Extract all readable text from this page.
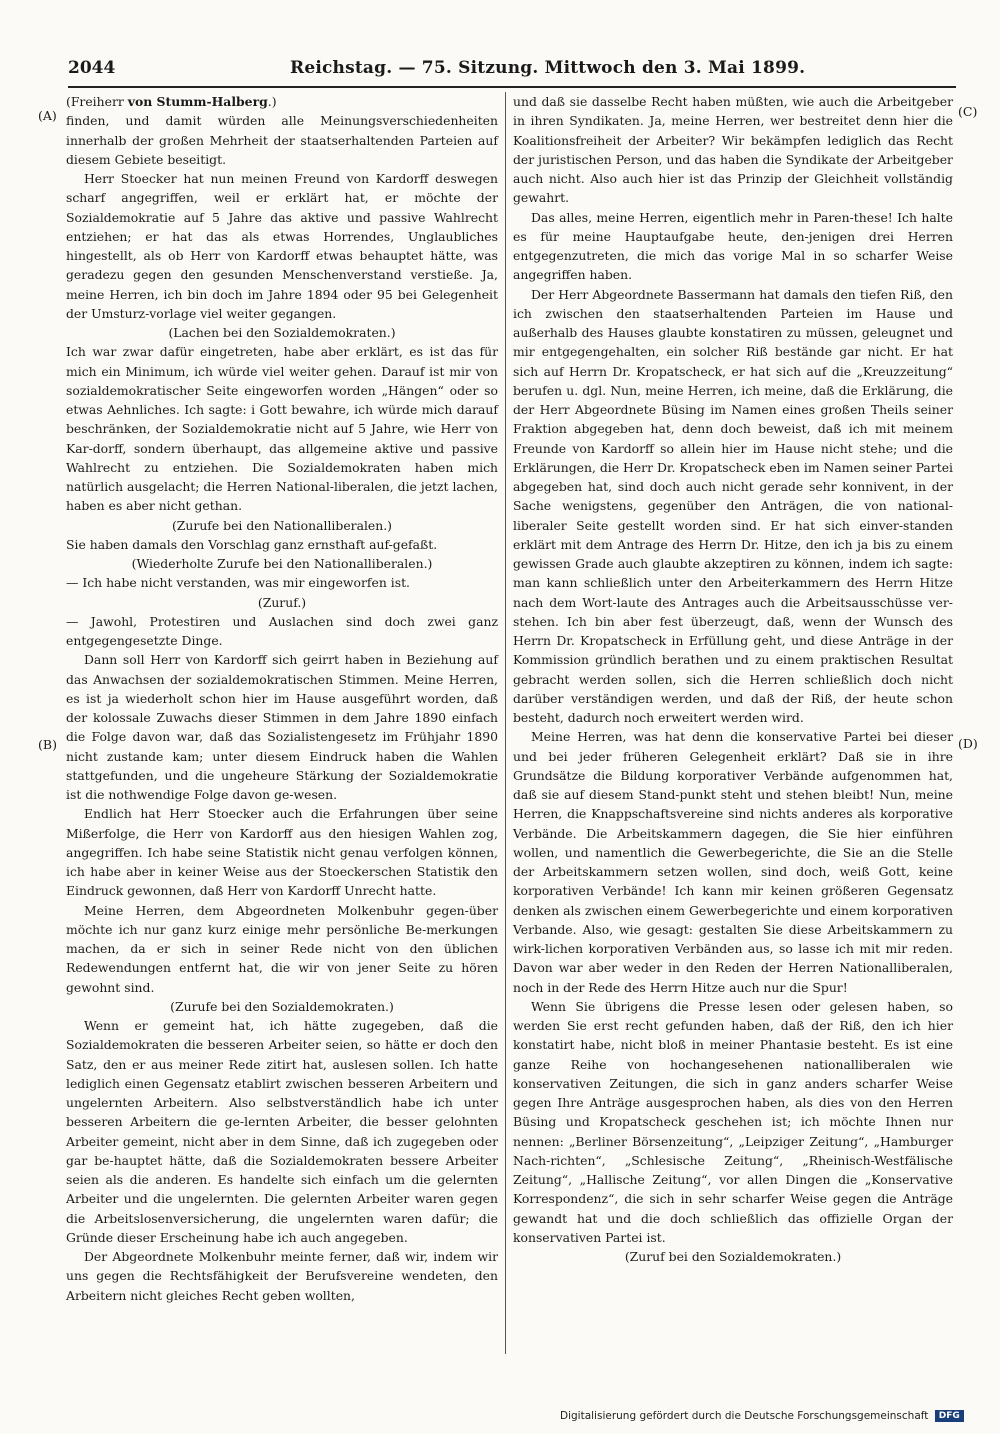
2044	Reichstag. — 75. Sitzung. Mittwoch den 3. Mai 1899.
(A)
(B)
(C)
(D)

(Freiherr von Stumm-Halberg.)

finden, und damit würden alle Meinungsverschiedenheiten innerhalb der großen Mehrheit der staatserhaltenden Parteien auf diesem Gebiete beseitigt.

Herr Stoecker hat nun meinen Freund von Kardorff deswegen scharf angegriffen, weil er erklärt hat, er möchte der Sozialdemokratie auf 5 Jahre das aktive und passive Wahlrecht entziehen; er hat das als etwas Horrendes, Unglaubliches hingestellt, als ob Herr von Kardorff etwas behauptet hätte, was geradezu gegen den gesunden Menschenverstand verstieße. Ja, meine Herren, ich bin doch im Jahre 1894 oder 95 bei Gelegenheit der Umsturz-vorlage viel weiter gegangen.

(Lachen bei den Sozialdemokraten.)

Ich war zwar dafür eingetreten, habe aber erklärt, es ist das für mich ein Minimum, ich würde viel weiter gehen. Darauf ist mir von sozialdemokratischer Seite eingeworfen worden „Hängen“ oder so etwas Aehnliches. Ich sagte: i Gott bewahre, ich würde mich darauf beschränken, der Sozialdemokratie nicht auf 5 Jahre, wie Herr von Kar-dorff, sondern überhaupt, das allgemeine aktive und passive Wahlrecht zu entziehen. Die Sozialdemokraten haben mich natürlich ausgelacht; die Herren National-liberalen, die jetzt lachen, haben es aber nicht gethan.

(Zurufe bei den Nationalliberalen.)

Sie haben damals den Vorschlag ganz ernsthaft auf-gefaßt.

(Wiederholte Zurufe bei den Nationalliberalen.)

— Ich habe nicht verstanden, was mir eingeworfen ist.

(Zuruf.)

— Jawohl, Protestiren und Auslachen sind doch zwei ganz entgegengesetzte Dinge.

Dann soll Herr von Kardorff sich geirrt haben in Beziehung auf das Anwachsen der sozialdemokratischen Stimmen. Meine Herren, es ist ja wiederholt schon hier im Hause ausgeführt worden, daß der kolossale Zuwachs dieser Stimmen in dem Jahre 1890 einfach die Folge davon war, daß das Sozialistengesetz im Frühjahr 1890 nicht zustande kam; unter diesem Eindruck haben die Wahlen stattgefunden, und die ungeheure Stärkung der Sozialdemokratie ist die nothwendige Folge davon ge-wesen.

Endlich hat Herr Stoecker auch die Erfahrungen über seine Mißerfolge, die Herr von Kardorff aus den hiesigen Wahlen zog, angegriffen. Ich habe seine Statistik nicht genau verfolgen können, ich habe aber in keiner Weise aus der Stoeckerschen Statistik den Eindruck gewonnen, daß Herr von Kardorff Unrecht hatte.

Meine Herren, dem Abgeordneten Molkenbuhr gegen-über möchte ich nur ganz kurz einige mehr persönliche Be-merkungen machen, da er sich in seiner Rede nicht von den üblichen Redewendungen entfernt hat, die wir von jener Seite zu hören gewohnt sind.

(Zurufe bei den Sozialdemokraten.)

Wenn er gemeint hat, ich hätte zugegeben, daß die Sozialdemokraten die besseren Arbeiter seien, so hätte er doch den Satz, den er aus meiner Rede zitirt hat, auslesen sollen. Ich hatte lediglich einen Gegensatz etablirt zwischen besseren Arbeitern und ungelernten Arbeitern. Also selbstverständlich habe ich unter besseren Arbeitern die ge-lernten Arbeiter, die besser gelohnten Arbeiter gemeint, nicht aber in dem Sinne, daß ich zugegeben oder gar be-hauptet hätte, daß die Sozialdemokraten bessere Arbeiter seien als die anderen. Es handelte sich einfach um die gelernten Arbeiter und die ungelernten. Die gelernten Arbeiter waren gegen die Arbeitslosenversicherung, die ungelernten waren dafür; die Gründe dieser Erscheinung habe ich auch angegeben.

Der Abgeordnete Molkenbuhr meinte ferner, daß wir, indem wir uns gegen die Rechtsfähigkeit der Berufsvereine wendeten, den Arbeitern nicht gleiches Recht geben wollten,

und daß sie dasselbe Recht haben müßten, wie auch die Arbeitgeber in ihren Syndikaten. Ja, meine Herren, wer bestreitet denn hier die Koalitionsfreiheit der Arbeiter? Wir bekämpfen lediglich das Recht der juristischen Person, und das haben die Syndikate der Arbeitgeber auch nicht. Also auch hier ist das Prinzip der Gleichheit vollständig gewahrt.

Das alles, meine Herren, eigentlich mehr in Paren-these! Ich halte es für meine Hauptaufgabe heute, den-jenigen drei Herren entgegenzutreten, die mich das vorige Mal in so scharfer Weise angegriffen haben.

Der Herr Abgeordnete Bassermann hat damals den tiefen Riß, den ich zwischen den staatserhaltenden Parteien im Hause und außerhalb des Hauses glaubte konstatiren zu müssen, geleugnet und mir entgegengehalten, ein solcher Riß bestände gar nicht. Er hat sich auf Herrn Dr. Kropatscheck, er hat sich auf die „Kreuzzeitung“ berufen u. dgl. Nun, meine Herren, ich meine, daß die Erklärung, die der Herr Abgeordnete Büsing im Namen eines großen Theils seiner Fraktion abgegeben hat, denn doch beweist, daß ich mit meinem Freunde von Kardorff so allein hier im Hause nicht stehe; und die Erklärungen, die Herr Dr. Kropatscheck eben im Namen seiner Partei abgegeben hat, sind doch auch nicht gerade sehr konnivent, in der Sache wenigstens, gegenüber den Anträgen, die von national-liberaler Seite gestellt worden sind. Er hat sich einver-standen erklärt mit dem Antrage des Herrn Dr. Hitze, den ich ja bis zu einem gewissen Grade auch glaubte akzeptiren zu können, indem ich sagte: man kann schließlich unter den Arbeiterkammern des Herrn Hitze nach dem Wort-laute des Antrages auch die Arbeitsausschüsse ver-stehen. Ich bin aber fest überzeugt, daß, wenn der Wunsch des Herrn Dr. Kropatscheck in Erfüllung geht, und diese Anträge in der Kommission gründlich berathen und zu einem praktischen Resultat gebracht werden sollen, sich die Herren schließlich doch nicht darüber verständigen werden, und daß der Riß, der heute schon besteht, dadurch noch erweitert werden wird.

Meine Herren, was hat denn die konservative Partei bei dieser und bei jeder früheren Gelegenheit erklärt? Daß sie in ihre Grundsätze die Bildung korporativer Verbände aufgenommen hat, daß sie auf diesem Stand-punkt steht und stehen bleibt! Nun, meine Herren, die Knappschaftsvereine sind nichts anderes als korporative Verbände. Die Arbeitskammern dagegen, die Sie hier einführen wollen, und namentlich die Gewerbegerichte, die Sie an die Stelle der Arbeitskammern setzen wollen, sind doch, weiß Gott, keine korporativen Verbände! Ich kann mir keinen größeren Gegensatz denken als zwischen einem Gewerbegerichte und einem korporativen Verbande. Also, wie gesagt: gestalten Sie diese Arbeitskammern zu wirk-lichen korporativen Verbänden aus, so lasse ich mit mir reden. Davon war aber weder in den Reden der Herren Nationalliberalen, noch in der Rede des Herrn Hitze auch nur die Spur!

Wenn Sie übrigens die Presse lesen oder gelesen haben, so werden Sie erst recht gefunden haben, daß der Riß, den ich hier konstatirt habe, nicht bloß in meiner Phantasie besteht. Es ist eine ganze Reihe von hochangesehenen nationalliberalen wie konservativen Zeitungen, die sich in ganz anders scharfer Weise gegen Ihre Anträge ausgesprochen haben, als dies von den Herren Büsing und Kropatscheck geschehen ist; ich möchte Ihnen nur nennen: „Berliner Börsenzeitung“, „Leipziger Zeitung“, „Hamburger Nach-richten“, „Schlesische Zeitung“, „Rheinisch-Westfälische Zeitung“, „Hallische Zeitung“, vor allen Dingen die „Konservative Korrespondenz“, die sich in sehr scharfer Weise gegen die Anträge gewandt hat und die doch schließlich das offizielle Organ der konservativen Partei ist.

(Zuruf bei den Sozialdemokraten.)

Digitalisierung gefördert durch die Deutsche Forschungsgemeinschaft DFG
